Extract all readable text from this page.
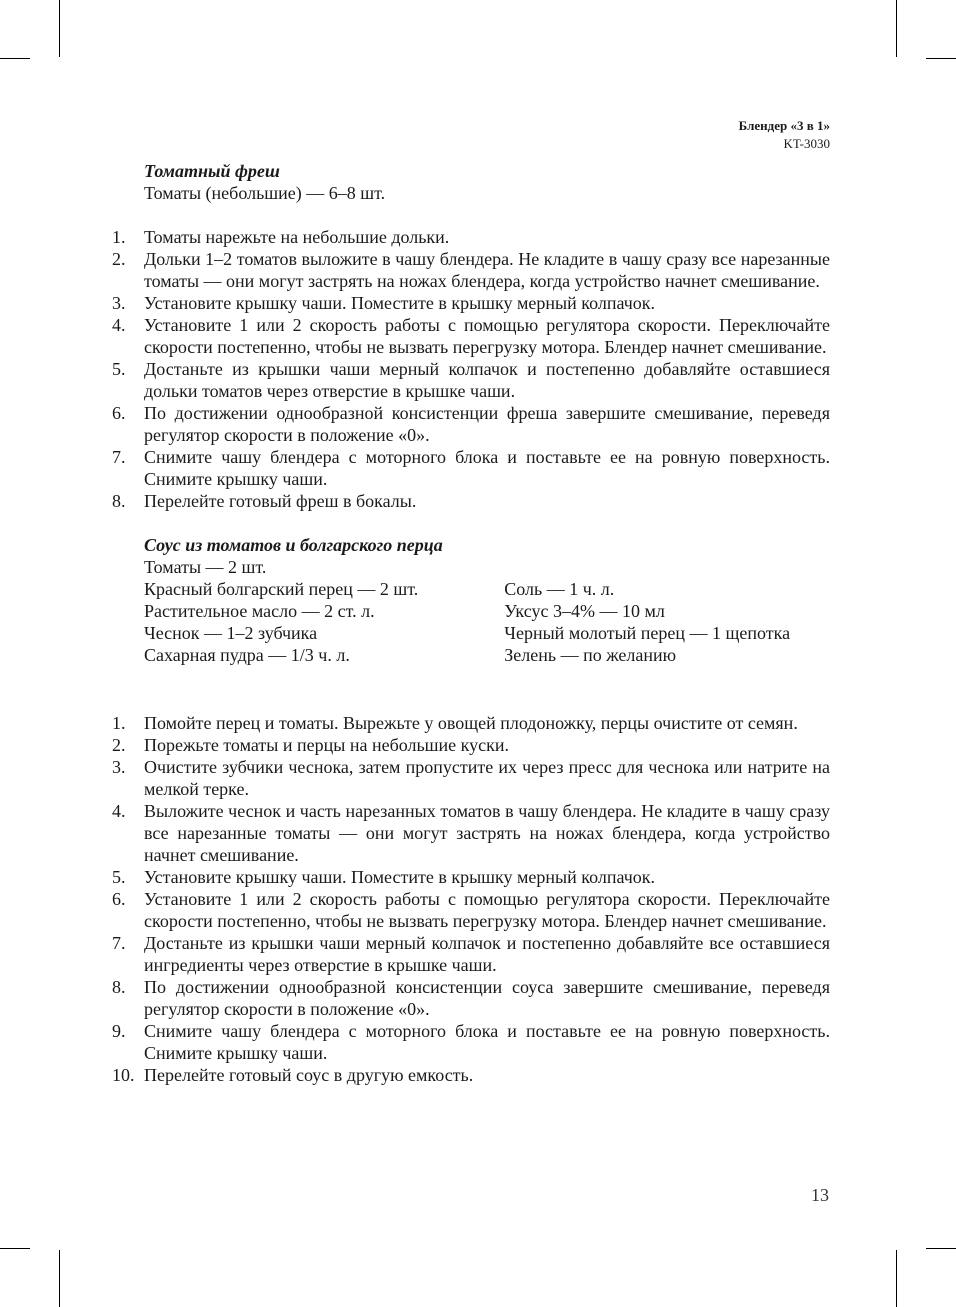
Блендер «3 в 1»
KT-3030
Томатный фреш
Томаты (небольшие) — 6–8 шт.
1. Томаты нарежьте на небольшие дольки.
2. Дольки 1–2 томатов выложите в чашу блендера. Не кладите в чашу сразу все нарезанные томаты — они могут застрять на ножах блендера, когда устройство начнет смешивание.
3. Установите крышку чаши. Поместите в крышку мерный колпачок.
4. Установите 1 или 2 скорость работы с помощью регулятора скорости. Переключайте скорости постепенно, чтобы не вызвать перегрузку мотора. Блендер начнет смешивание.
5. Достаньте из крышки чаши мерный колпачок и постепенно добавляйте оставшиеся дольки томатов через отверстие в крышке чаши.
6. По достижении однообразной консистенции фреша завершите смешивание, переведя регулятор скорости в положение «0».
7. Снимите чашу блендера с моторного блока и поставьте ее на ровную поверхность. Снимите крышку чаши.
8. Перелейте готовый фреш в бокалы.
Соус из томатов и болгарского перца
Томаты — 2 шт.
Красный болгарский перец — 2 шт.
Растительное масло — 2 ст. л.
Чеснок — 1–2 зубчика
Сахарная пудра — 1/3 ч. л.
Соль — 1 ч. л.
Уксус 3–4% — 10 мл
Черный молотый перец — 1 щепотка
Зелень — по желанию
1. Помойте перец и томаты. Вырежьте у овощей плодоножку, перцы очистите от семян.
2. Порежьте томаты и перцы на небольшие куски.
3. Очистите зубчики чеснока, затем пропустите их через пресс для чеснока или натрите на мелкой терке.
4. Выложите чеснок и часть нарезанных томатов в чашу блендера. Не кладите в чашу сразу все нарезанные томаты — они могут застрять на ножах блендера, когда устройство начнет смешивание.
5. Установите крышку чаши. Поместите в крышку мерный колпачок.
6. Установите 1 или 2 скорость работы с помощью регулятора скорости. Переключайте скорости постепенно, чтобы не вызвать перегрузку мотора. Блендер начнет смешивание.
7. Достаньте из крышки чаши мерный колпачок и постепенно добавляйте все оставшиеся ингредиенты через отверстие в крышке чаши.
8. По достижении однообразной консистенции соуса завершите смешивание, переведя регулятор скорости в положение «0».
9. Снимите чашу блендера с моторного блока и поставьте ее на ровную поверхность. Снимите крышку чаши.
10. Перелейте готовый соус в другую емкость.
13
